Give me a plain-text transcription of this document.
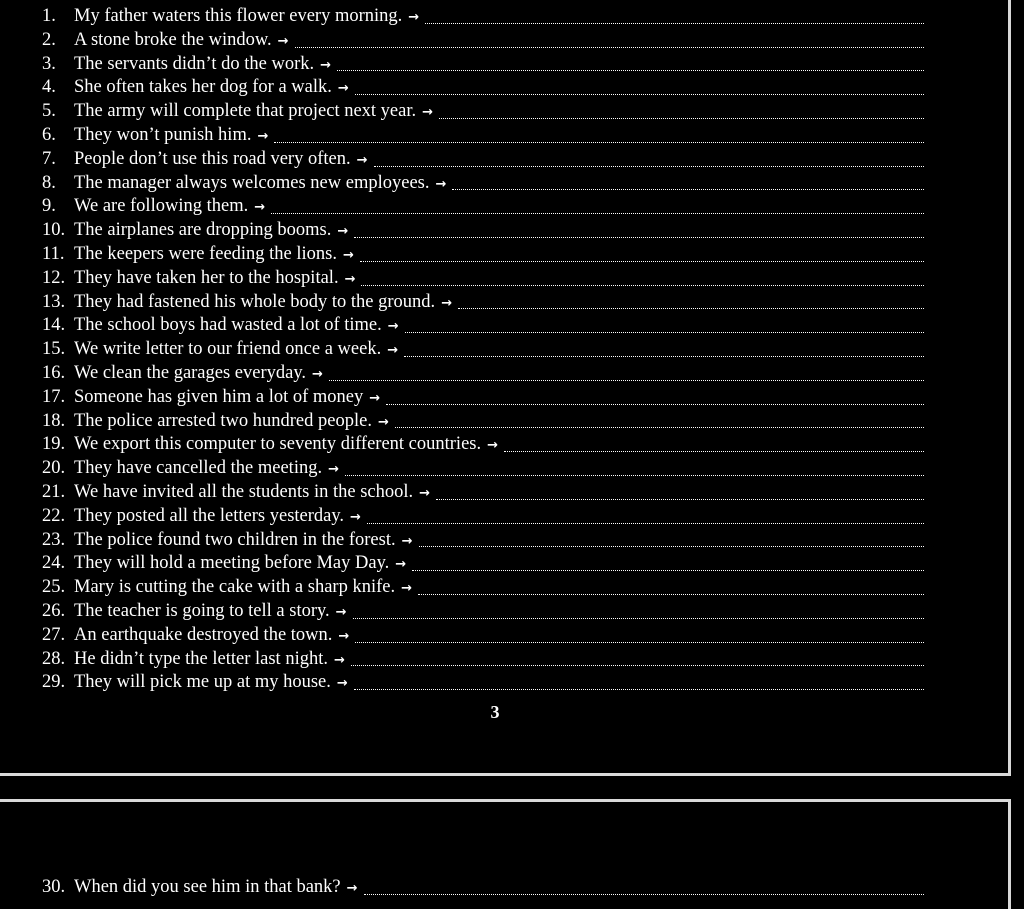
1. My father waters this flower every morning. →
2. A stone broke the window. →
3. The servants didn’t do the work. →
4. She often takes her dog for a walk. →
5. The army will complete that project next year. →
6. They won’t punish him. →
7. People don’t use this road very often. →
8. The manager always welcomes new employees. →
9. We are following them. →
10. The airplanes are dropping booms. →
11. The keepers were feeding the lions. →
12. They have taken her to the hospital. →
13. They had fastened his whole body to the ground. →
14. The school boys had wasted a lot of time. →
15. We write letter to our friend once a week. →
16. We clean the garages everyday. →
17. Someone has given him a lot of money →
18. The police arrested two hundred people. →
19. We export this computer to seventy different countries. →
20. They have cancelled the meeting. →
21. We have invited all the students in the school. →
22. They posted all the letters yesterday. →
23. The police found two children in the forest. →
24. They will hold a meeting before May Day. →
25. Mary is cutting the cake with a sharp knife. →
26. The teacher is going to tell a story. →
27. An earthquake destroyed the town. →
28. He didn’t type the letter last night. →
29. They will pick me up at my house. →
3
30. When did you see him in that bank? →
